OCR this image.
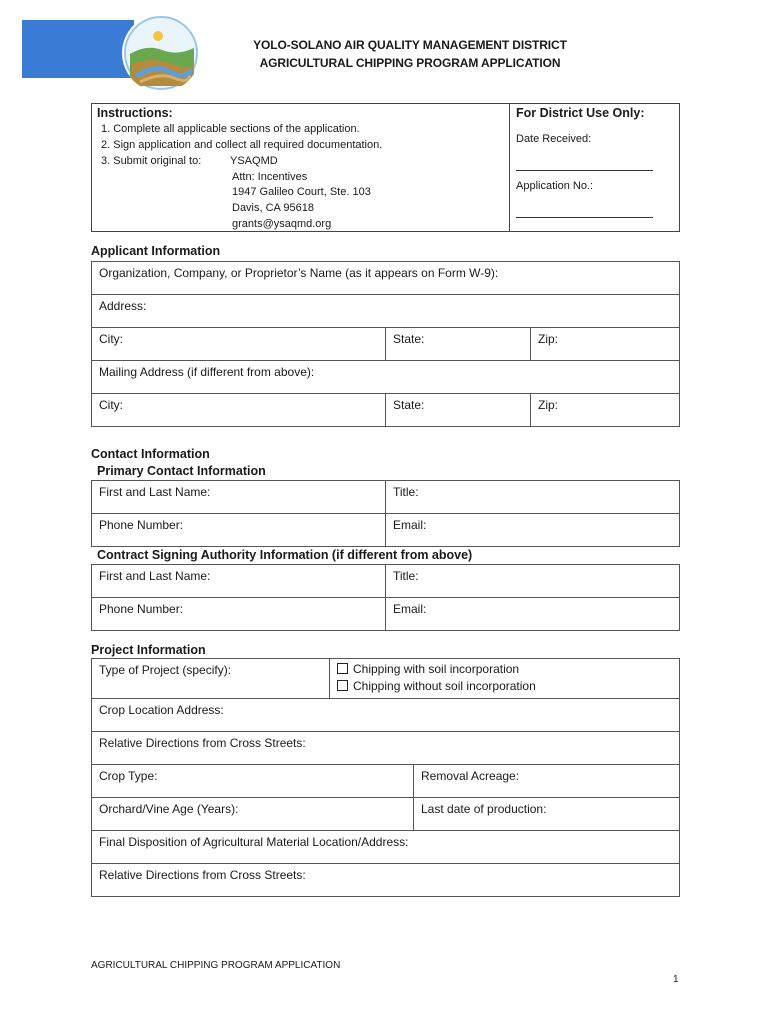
YOLO-SOLANO AIR QUALITY MANAGEMENT DISTRICT
AGRICULTURAL CHIPPING PROGRAM APPLICATION
Instructions:
1. Complete all applicable sections of the application.
2. Sign application and collect all required documentation.
3. Submit original to:	YSAQMD
Attn: Incentives
1947 Galileo Court, Ste. 103
Davis, CA 95618
grants@ysaqmd.org
For District Use Only:
Date Received:
Application No.:
Applicant Information
Organization, Company, or Proprietor’s Name (as it appears on Form W-9):
Address:
City:	State:	Zip:
Mailing Address (if different from above):
City:	State:	Zip:
Contact Information
Primary Contact Information
First and Last Name:	Title:
Phone Number:	Email:
Contract Signing Authority Information (if different from above)
First and Last Name:	Title:
Phone Number:	Email:
Project Information
Type of Project (specify):	Chipping with soil incorporation
Chipping without soil incorporation
Crop Location Address:
Relative Directions from Cross Streets:
Crop Type:	Removal Acreage:
Orchard/Vine Age (Years):	Last date of production:
Final Disposition of Agricultural Material Location/Address:
Relative Directions from Cross Streets:
AGRICULTURAL CHIPPING PROGRAM APPLICATION
1
